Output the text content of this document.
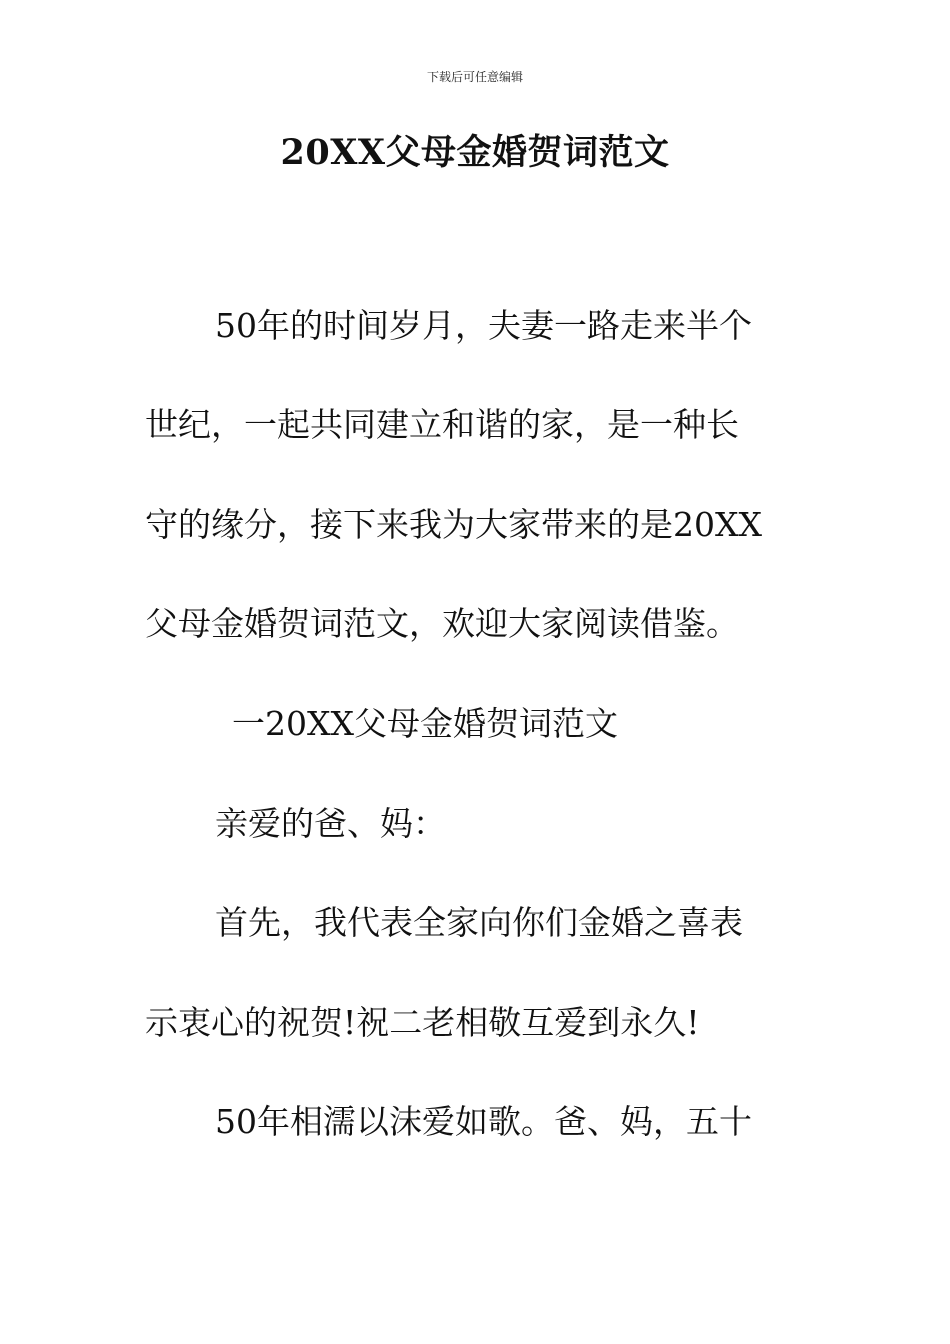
下载后可任意编辑
20XX父母金婚贺词范文

50年的时间岁月，夫妻一路走来半个

世纪，一起共同建立和谐的家，是一种长

守的缘分，接下来我为大家带来的是20XX

父母金婚贺词范文，欢迎大家阅读借鉴。

一20XX父母金婚贺词范文

亲爱的爸、妈：

首先，我代表全家向你们金婚之喜表

示衷心的祝贺!祝二老相敬互爱到永久!

50年相濡以沫爱如歌。爸、妈，五十
